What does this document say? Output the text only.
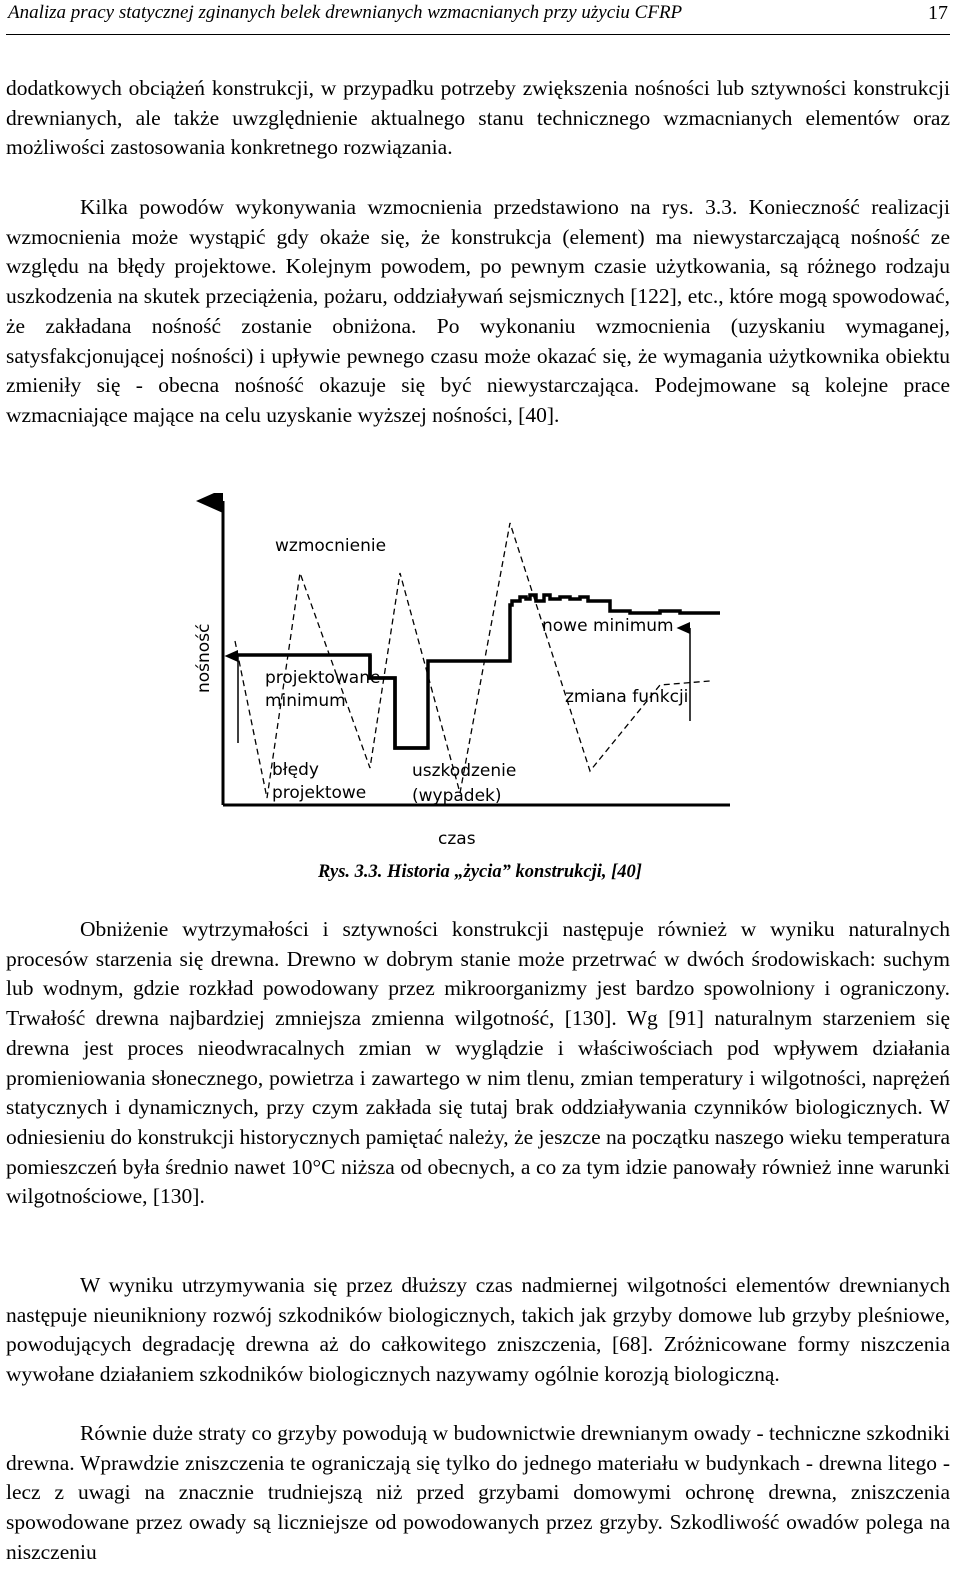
Analiza pracy statycznej zginanych belek drewnianych wzmacnianych przy użyciu CFRP	17

dodatkowych obciążeń konstrukcji, w przypadku potrzeby zwiększenia nośności lub sztywności konstrukcji drewnianych, ale także uwzględnienie aktualnego stanu technicznego wzmacnianych elementów oraz możliwości zastosowania konkretnego rozwiązania.

Kilka powodów wykonywania wzmocnienia przedstawiono na rys. 3.3. Konieczność realizacji wzmocnienia może wystąpić gdy okaże się, że konstrukcja (element) ma niewystarczającą nośność ze względu na błędy projektowe. Kolejnym powodem, po pewnym czasie użytkowania, są różnego rodzaju uszkodzenia na skutek przeciążenia, pożaru, oddziaływań sejsmicznych [122], etc., które mogą spowodować, że zakładana nośność zostanie obniżona. Po wykonaniu wzmocnienia (uzyskaniu wymaganej, satysfakcjonującej nośności) i upływie pewnego czasu może okazać się, że wymagania użytkownika obiektu zmieniły się - obecna nośność okazuje się być niewystarczająca. Podejmowane są kolejne prace wzmacniające mające na celu uzyskanie wyższej nośności, [40].

wzmocnienie
nowe minimum
projektowane
minimum	zmiana funkcji
błędy
projektowe
uszkodzenie
(wypadek)
czas
nośność
Rys. 3.3. Historia „życia” konstrukcji, [40]

Obniżenie wytrzymałości i sztywności konstrukcji następuje również w wyniku naturalnych procesów starzenia się drewna. Drewno w dobrym stanie może przetrwać w dwóch środowiskach: suchym lub wodnym, gdzie rozkład powodowany przez mikroorganizmy jest bardzo spowolniony i ograniczony. Trwałość drewna najbardziej zmniejsza zmienna wilgotność, [130]. Wg [91] naturalnym starzeniem się drewna jest proces nieodwracalnych zmian w wyglądzie i właściwościach pod wpływem działania promieniowania słonecznego, powietrza i zawartego w nim tlenu, zmian temperatury i wilgotności, naprężeń statycznych i dynamicznych, przy czym zakłada się tutaj brak oddziaływania czynników biologicznych. W odniesieniu do konstrukcji historycznych pamiętać należy, że jeszcze na początku naszego wieku temperatura pomieszczeń była średnio nawet 10°C niższa od obecnych, a co za tym idzie panowały również inne warunki wilgotnościowe, [130].

W wyniku utrzymywania się przez dłuższy czas nadmiernej wilgotności elementów drewnianych następuje nieunikniony rozwój szkodników biologicznych, takich jak grzyby domowe lub grzyby pleśniowe, powodujących degradację drewna aż do całkowitego zniszczenia, [68]. Zróżnicowane formy niszczenia wywołane działaniem szkodników biologicznych nazywamy ogólnie korozją biologiczną.

Równie duże straty co grzyby powodują w budownictwie drewnianym owady - techniczne szkodniki drewna. Wprawdzie zniszczenia te ograniczają się tylko do jednego materiału w budynkach - drewna litego - lecz z uwagi na znacznie trudniejszą niż przed grzybami domowymi ochronę drewna, zniszczenia spowodowane przez owady są liczniejsze od powodowanych przez grzyby. Szkodliwość owadów polega na niszczeniu
